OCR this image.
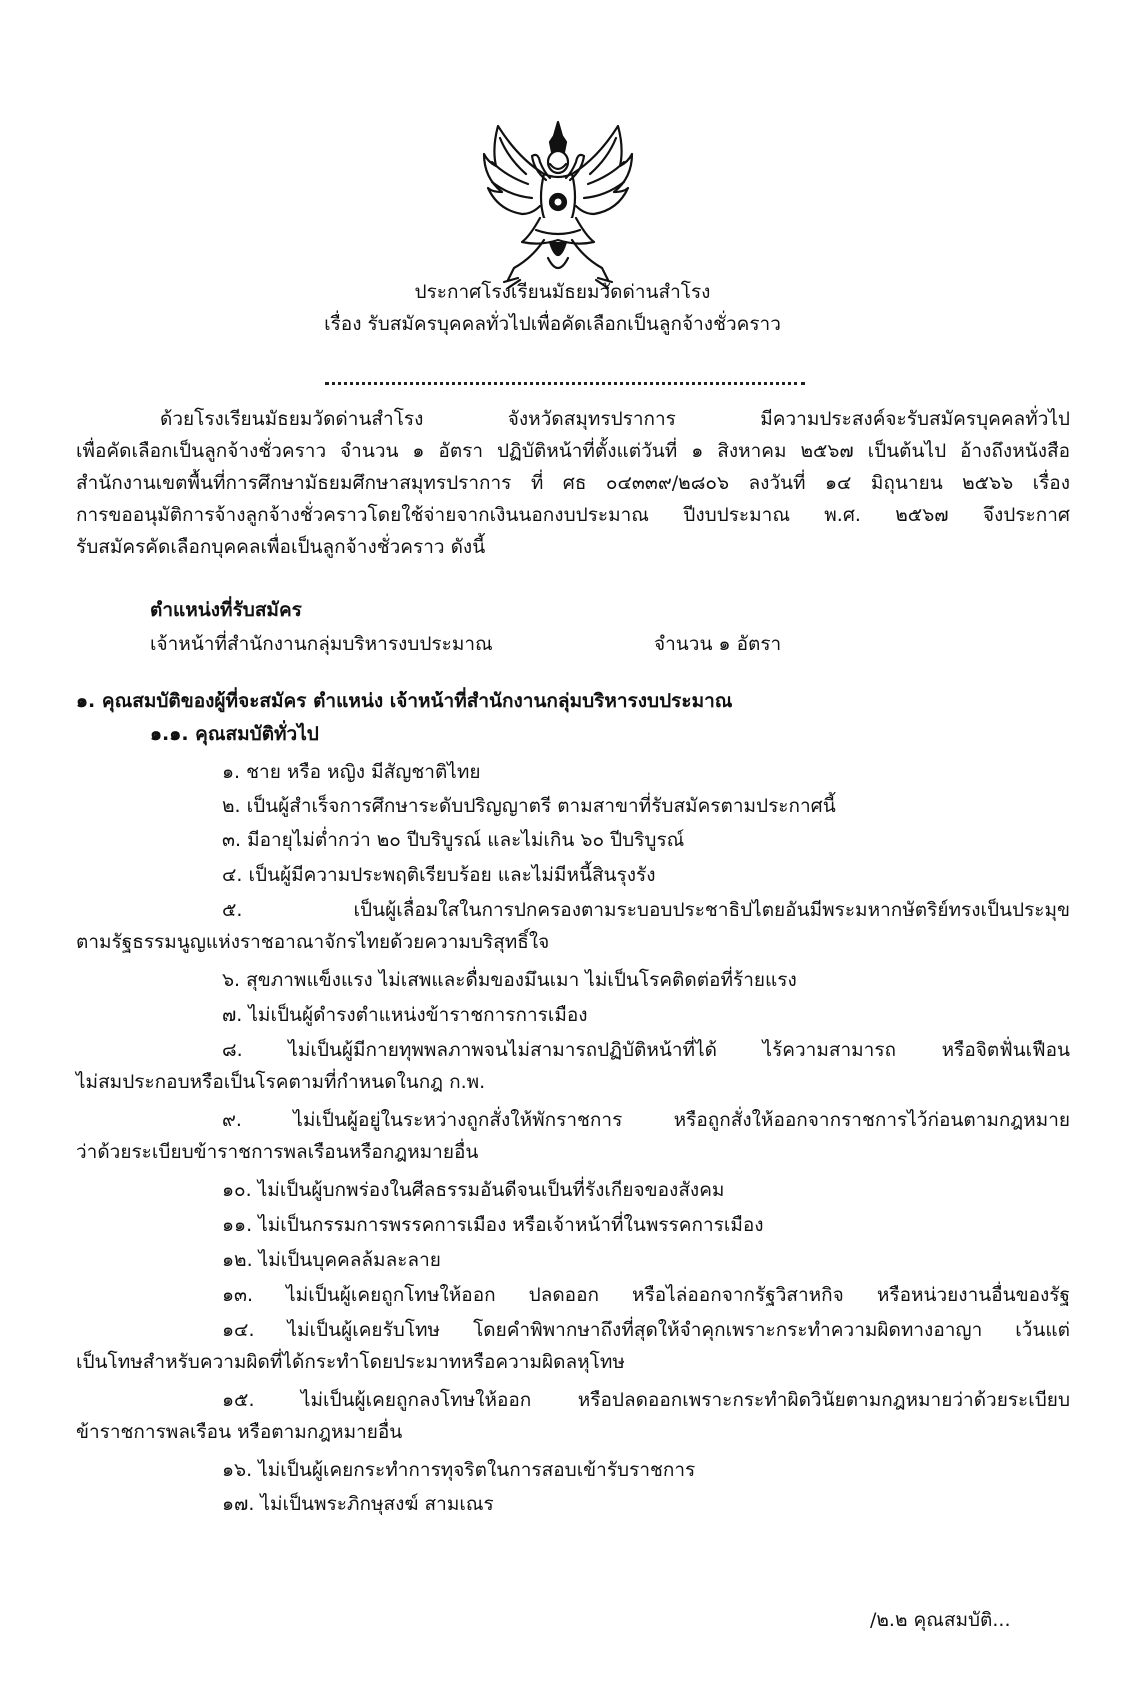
ประกาศโรงเรียนมัธยมวัดด่านสำโรง
เรื่อง รับสมัครบุคคลทั่วไปเพื่อคัดเลือกเป็นลูกจ้างชั่วคราว
ด้วยโรงเรียนมัธยมวัดด่านสำโรง จังหวัดสมุทรปราการ มีความประสงค์จะรับสมัครบุคคลทั่วไป
เพื่อคัดเลือกเป็นลูกจ้างชั่วคราว จำนวน ๑ อัตรา ปฏิบัติหน้าที่ตั้งแต่วันที่ ๑ สิงหาคม ๒๕๖๗ เป็นต้นไป อ้างถึงหนังสือ
สำนักงานเขตพื้นที่การศึกษามัธยมศึกษาสมุทรปราการ ที่ ศธ ๐๔๓๓๙/๒๘๐๖ ลงวันที่ ๑๔ มิถุนายน ๒๕๖๖ เรื่อง
การขออนุมัติการจ้างลูกจ้างชั่วคราวโดยใช้จ่ายจากเงินนอกงบประมาณ ปีงบประมาณ พ.ศ. ๒๕๖๗ จึงประกาศ
รับสมัครคัดเลือกบุคคลเพื่อเป็นลูกจ้างชั่วคราว ดังนี้
ตำแหน่งที่รับสมัคร
เจ้าหน้าที่สำนักงานกลุ่มบริหารงบประมาณ	จำนวน ๑ อัตรา
๑. คุณสมบัติของผู้ที่จะสมัคร ตำแหน่ง เจ้าหน้าที่สำนักงานกลุ่มบริหารงบประมาณ
๑.๑. คุณสมบัติทั่วไป
๑. ชาย หรือ หญิง มีสัญชาติไทย
๒. เป็นผู้สำเร็จการศึกษาระดับปริญญาตรี ตามสาขาที่รับสมัครตามประกาศนี้
๓. มีอายุไม่ต่ำกว่า ๒๐ ปีบริบูรณ์ และไม่เกิน ๖๐ ปีบริบูรณ์
๔. เป็นผู้มีความประพฤติเรียบร้อย และไม่มีหนี้สินรุงรัง
๕. เป็นผู้เลื่อมใสในการปกครองตามระบอบประชาธิปไตยอันมีพระมหากษัตริย์ทรงเป็นประมุข
ตามรัฐธรรมนูญแห่งราชอาณาจักรไทยด้วยความบริสุทธิ์ใจ
๖. สุขภาพแข็งแรง ไม่เสพและดื่มของมึนเมา ไม่เป็นโรคติดต่อที่ร้ายแรง
๗. ไม่เป็นผู้ดำรงตำแหน่งข้าราชการการเมือง
๘. ไม่เป็นผู้มีกายทุพพลภาพจนไม่สามารถปฏิบัติหน้าที่ได้ ไร้ความสามารถ หรือจิตฟั่นเฟือน
ไม่สมประกอบหรือเป็นโรคตามที่กำหนดในกฎ ก.พ.
๙. ไม่เป็นผู้อยู่ในระหว่างถูกสั่งให้พักราชการ หรือถูกสั่งให้ออกจากราชการไว้ก่อนตามกฎหมาย
ว่าด้วยระเบียบข้าราชการพลเรือนหรือกฎหมายอื่น
๑๐. ไม่เป็นผู้บกพร่องในศีลธรรมอันดีจนเป็นที่รังเกียจของสังคม
๑๑. ไม่เป็นกรรมการพรรคการเมือง หรือเจ้าหน้าที่ในพรรคการเมือง
๑๒. ไม่เป็นบุคคลล้มละลาย
๑๓. ไม่เป็นผู้เคยถูกโทษให้ออก ปลดออก หรือไล่ออกจากรัฐวิสาหกิจ หรือหน่วยงานอื่นของรัฐ
๑๔. ไม่เป็นผู้เคยรับโทษ โดยคำพิพากษาถึงที่สุดให้จำคุกเพราะกระทำความผิดทางอาญา เว้นแต่
เป็นโทษสำหรับความผิดที่ได้กระทำโดยประมาทหรือความผิดลหุโทษ
๑๕. ไม่เป็นผู้เคยถูกลงโทษให้ออก หรือปลดออกเพราะกระทำผิดวินัยตามกฎหมายว่าด้วยระเบียบ
ข้าราชการพลเรือน หรือตามกฎหมายอื่น
๑๖. ไม่เป็นผู้เคยกระทำการทุจริตในการสอบเข้ารับราชการ
๑๗. ไม่เป็นพระภิกษุสงฆ์ สามเณร
/๒.๒ คุณสมบัติ...
